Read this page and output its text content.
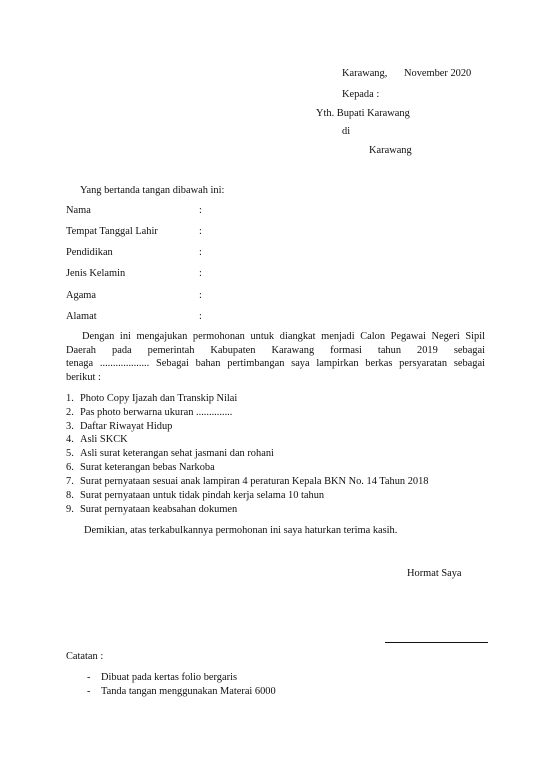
Karawang, November 2020
Kepada :
Yth. Bupati Karawang
di
Karawang
Yang bertanda tangan dibawah ini:
Nama	:
Tempat Tanggal Lahir	:
Pendidikan	:
Jenis Kelamin	:
Agama	:
Alamat	:
Dengan ini mengajukan permohonan untuk diangkat menjadi Calon Pegawai Negeri Sipil
Daerah pada pemerintah Kabupaten Karawang formasi tahun 2019 sebagai
tenaga ................... Sebagai bahan pertimbangan saya lampirkan berkas persyaratan sebagai
berikut :
1. Photo Copy Ijazah dan Transkip Nilai
2. Pas photo berwarna ukuran ..............
3. Daftar Riwayat Hidup
4. Asli SKCK
5. Asli surat keterangan sehat jasmani dan rohani
6. Surat keterangan bebas Narkoba
7. Surat pernyataan sesuai anak lampiran 4 peraturan Kepala BKN No. 14 Tahun 2018
8. Surat pernyataan untuk tidak pindah kerja selama 10 tahun
9. Surat pernyataan keabsahan dokumen
Demikian, atas terkabulkannya permohonan ini saya haturkan terima kasih.
Hormat Saya
Catatan :
- Dibuat pada kertas folio bergaris
- Tanda tangan menggunakan Materai 6000
